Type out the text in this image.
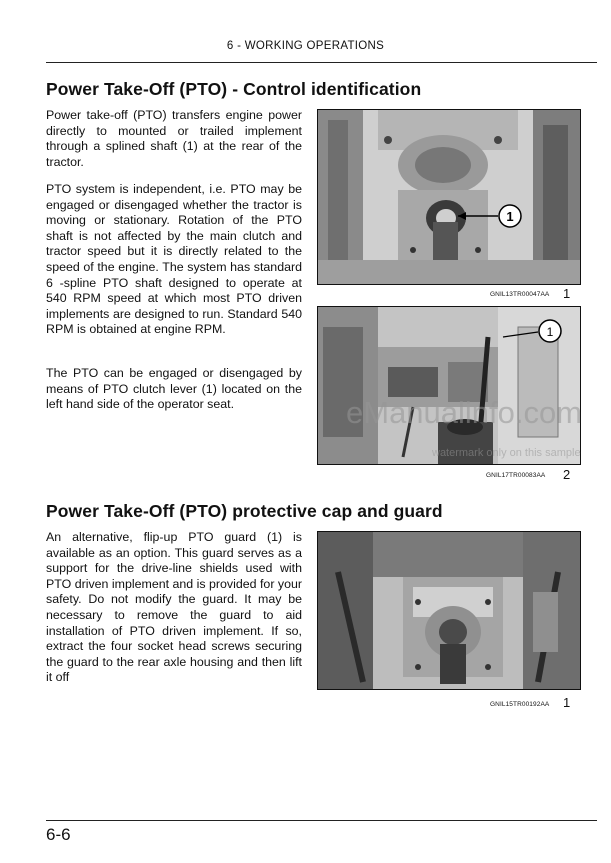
6 - WORKING OPERATIONS
Power Take-Off (PTO) - Control identification

Power take-off (PTO) transfers engine power directly to mounted or trailed implement through a splined shaft (1) at the rear of the tractor.

PTO system is independent, i.e. PTO may be engaged or disengaged whether the tractor is moving or stationary. Rotation of the PTO shaft is not affected by the main clutch and tractor speed but it is directly related to the speed of the engine. The system has standard 6 -spline PTO shaft designed to operate at 540 RPM speed at which most PTO driven implements are designed to run. Standard 540 RPM is obtained at engine RPM.

The PTO can be engaged or disengaged by means of PTO clutch lever (1) located on the left hand side of the operator seat.

1
GNIL13TR00047AA 1
1
GNIL17TR00083AA 2
eManualinfo.com
watermark only on this sample
Power Take-Off (PTO) protective cap and guard

An alternative, flip-up PTO guard (1) is available as an option. This guard serves as a support for the drive-line shields used with PTO driven implement and is provided for your safety. Do not modify the guard. It may be necessary to remove the guard to aid installation of PTO driven implement. If so, extract the four socket head screws securing the guard to the rear axle housing and then lift it off

GNIL15TR00192AA 1
6-6
